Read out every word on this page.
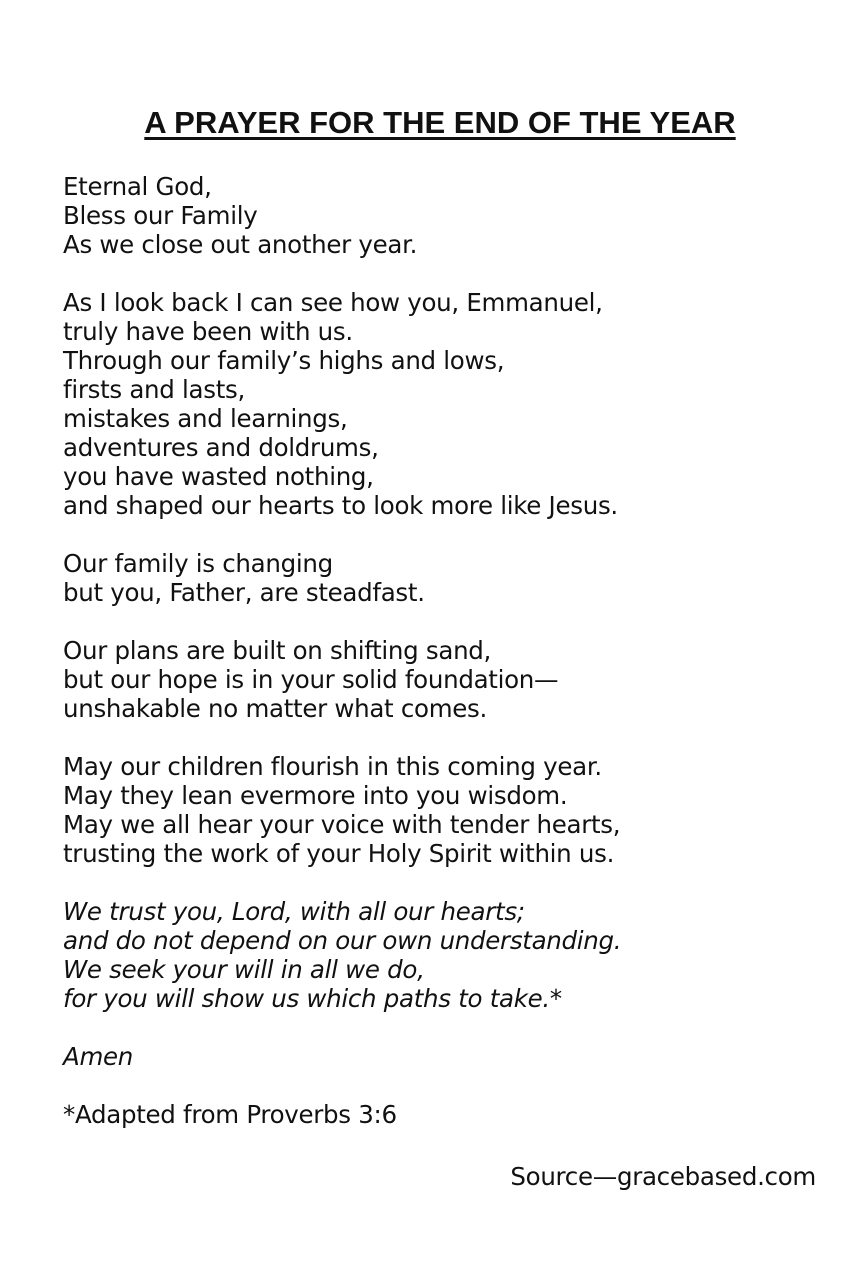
A PRAYER FOR THE END OF THE YEAR
Eternal God,
Bless our Family
As we close out another year.
As I look back I can see how you, Emmanuel,
truly have been with us.
Through our family’s highs and lows,
firsts and lasts,
mistakes and learnings,
adventures and doldrums,
you have wasted nothing,
and shaped our hearts to look more like Jesus.
Our family is changing
but you, Father, are steadfast.
Our plans are built on shifting sand,
but our hope is in your solid foundation—
unshakable no matter what comes.
May our children flourish in this coming year.
May they lean evermore into you wisdom.
May we all hear your voice with tender hearts,
trusting the work of your Holy Spirit within us.
We trust you, Lord, with all our hearts;
and do not depend on our own understanding.
We seek your will in all we do,
for you will show us which paths to take.*
Amen
*Adapted from Proverbs 3:6
Source—gracebased.com
